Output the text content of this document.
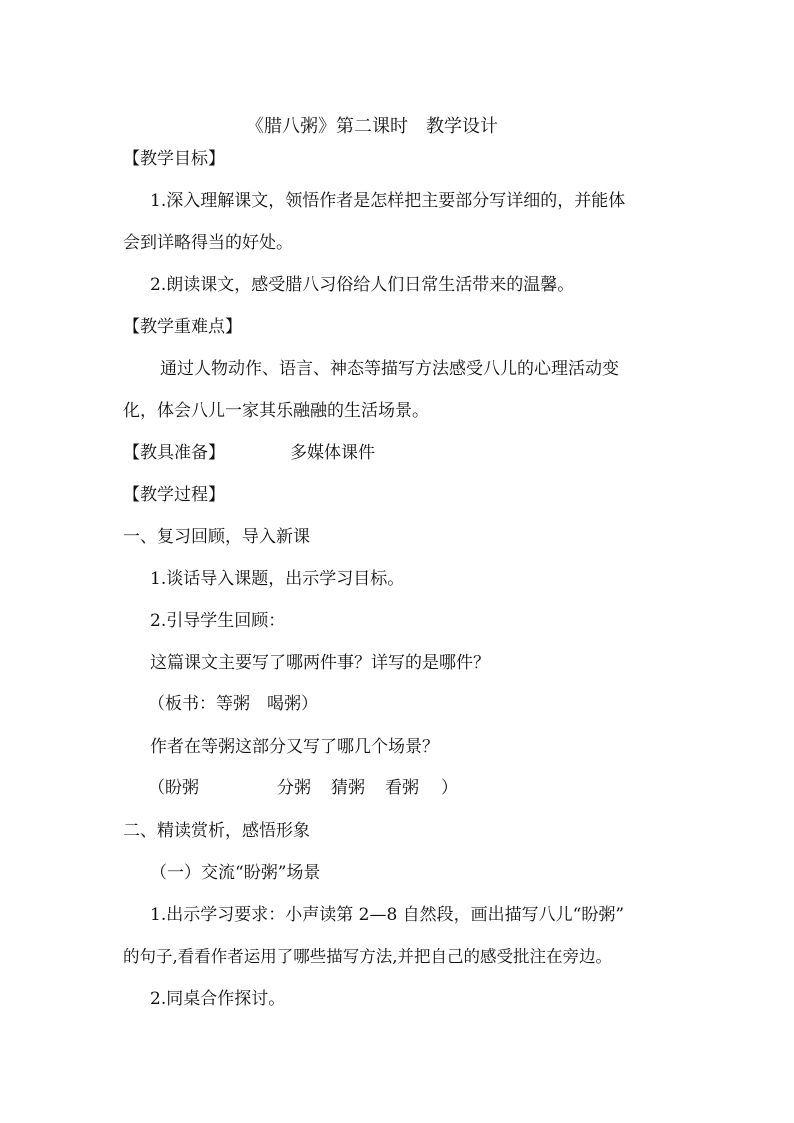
《腊八粥》第二课时　教学设计
【教学目标】
1.深入理解课文，领悟作者是怎样把主要部分写详细的，并能体
会到详略得当的好处。
2.朗读课文，感受腊八习俗给人们日常生活带来的温馨。
【教学重难点】
通过人物动作、语言、神态等描写方法感受八儿的心理活动变
化，体会八儿一家其乐融融的生活场景。
【教具准备】	多媒体课件
【教学过程】
一、复习回顾，导入新课
1.谈话导入课题，出示学习目标。
2.引导学生回顾：
这篇课文主要写了哪两件事？详写的是哪件？
（板书：等粥　喝粥）
作者在等粥这部分又写了哪几个场景？
（盼粥	分粥 猜粥 看粥 ）
二、精读赏析，感悟形象
（一）交流“盼粥”场景
1.出示学习要求：小声读第 2—8 自然段，画出描写八儿“盼粥”
的句子,看看作者运用了哪些描写方法,并把自己的感受批注在旁边。
2.同桌合作探讨。
